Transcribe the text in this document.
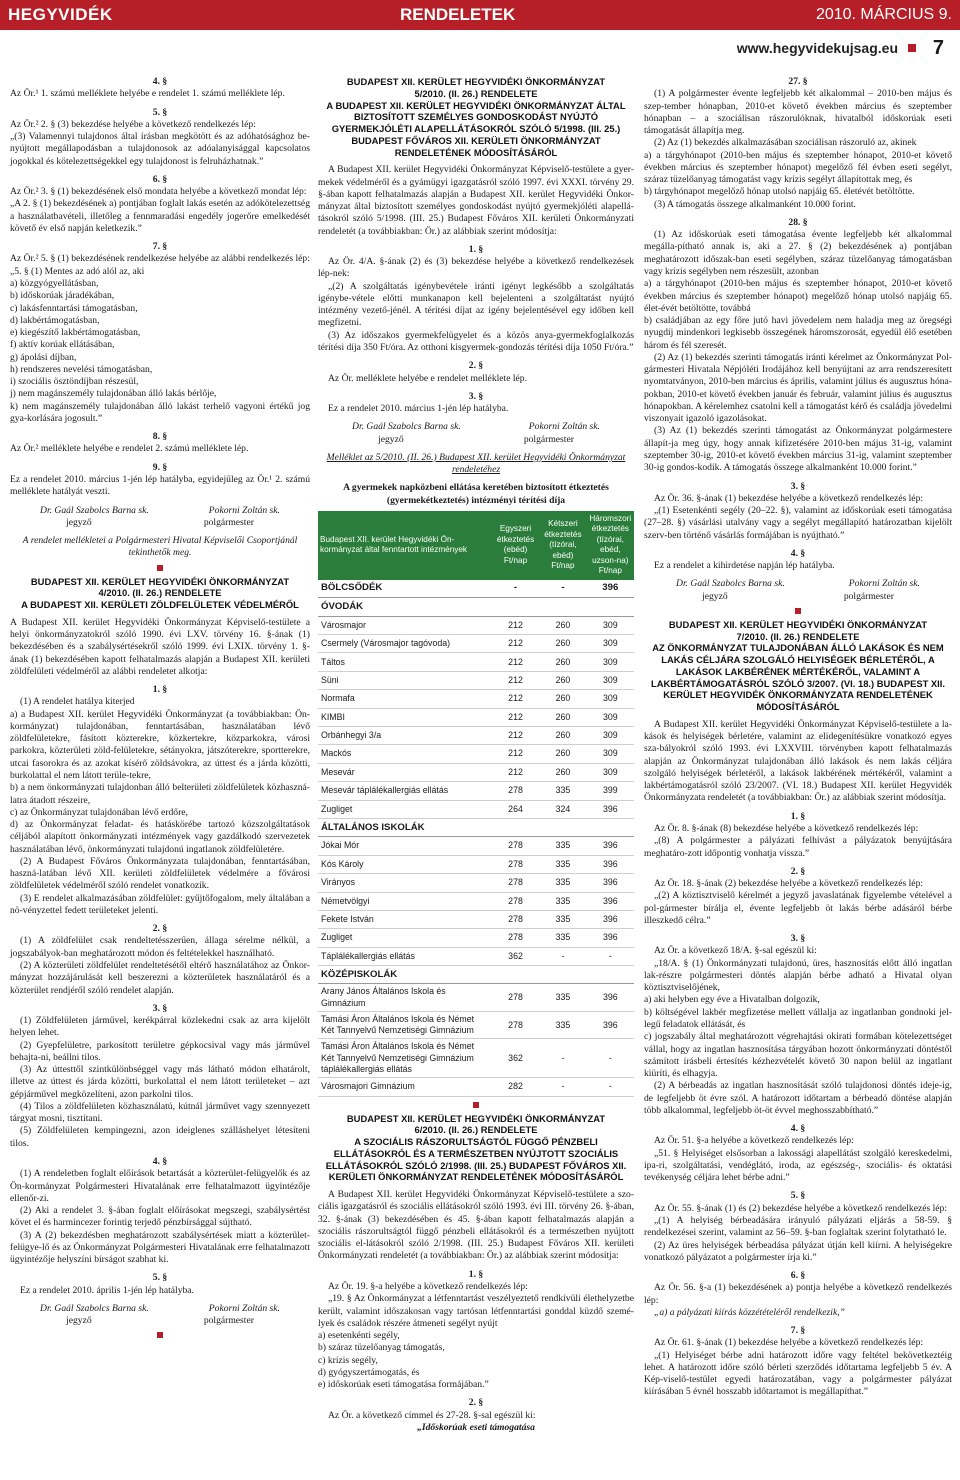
HEGYVIDÉK	RENDELETEK	2010. MÁRCIUS 9.
www.hegyvidekujsag.eu 7

4. §

Az Ör.¹ 1. számú melléklete helyébe e rendelet 1. számú melléklete lép.

5. §

Az Ör.² 2. § (3) bekezdése helyébe a következő rendelkezés lép:

„(3) Valamennyi tulajdonos által írásban megkötött és az adóhatósághoz be-nyújtott megállapodásban a tulajdonosok az adóalanyisággal kapcsolatos jogokkal és kötelezettségekkel egy tulajdonost is felruházhatnak.”

6. §

Az Ör.² 3. § (1) bekezdésének első mondata helyébe a következő mondat lép:

„A 2. § (1) bekezdésének a) pontjában foglalt lakás esetén az adókötelezettség a használatbavételi, illetőleg a fennmaradási engedély jogerőre emelkedését követő év első napján keletkezik.”

7. §

Az Ör.² 5. § (1) bekezdésének rendelkezése helyébe az alábbi rendelkezés lép:

„5. § (1) Mentes az adó alól az, aki

a) közgyógyellátásban,

b) időskorúak járadékában,

c) lakásfenntartási támogatásban,

d) lakbértámogatásban,

e) kiegészítő lakbértámogatásban,

f) aktív korúak ellátásában,

g) ápolási díjban,

h) rendszeres nevelési támogatásban,

i) szociális ösztöndíjban részesül,

j) nem magánszemély tulajdonában álló lakás bérlője,

k) nem magánszemély tulajdonában álló lakást terhelő vagyoni értékű jog gya-korlására jogosult.”

8. §

Az Ör.² melléklete helyébe e rendelet 2. számú melléklete lép.

9. §

Ez a rendelet 2010. március 1-jén lép hatályba, egyidejűleg az Ör.¹ 2. számú melléklete hatályát veszti.

Dr. Gaál Szabolcs Barna sk.	Pokorni Zoltán sk.
jegyző	polgármester

A rendelet mellékletei a Polgármesteri Hivatal Képviselői Csoportjánál tekinthetők meg.

BUDAPEST XII. KERÜLET HEGYVIDÉKI ÖNKORMÁNYZAT

4/2010. (II. 26.) RENDELETE

A BUDAPEST XII. KERÜLETI ZÖLDFELÜLETEK VÉDELMÉRŐL

A Budapest XII. kerület Hegyvidéki Önkormányzat Képviselő-testülete a helyi önkormányzatokról szóló 1990. évi LXV. törvény 16. §-ának (1) bekezdésében és a szabálysértésekről szóló 1999. évi LXIX. törvény 1. §-ának (1) bekezdésében kapott felhatalmazás alapján a Budapest XII. kerületi zöldfelületi védelméről az alábbi rendeletet alkotja:

1. §

(1) A rendelet hatálya kiterjed

a) a Budapest XII. kerület Hegyvidéki Önkormányzat (a továbbiakban: Ön-kormányzat) tulajdonában, fenntartásában, használatában lévő zöldfelületekre, fásított közterekre, közkertekre, közparkokra, városi parkokra, közterületi zöld-felületekre, sétányokra, játszóterekre, sportterekre, utcai fasorokra és az azokat kísérő zöldsávokra, az úttest és a járda közötti, burkolattal el nem látott terüle-tekre,

b) a nem önkormányzati tulajdonban álló belterületi zöldfelületek közhaszná-latra átadott részeire,

c) az Önkormányzat tulajdonában lévő erdőre,

d) az Önkormányzat feladat- és hatáskörébe tartozó közszolgáltatások céljából alapított önkormányzati intézmények vagy gazdálkodó szervezetek használatában lévő, önkormányzati tulajdonú ingatlanok zöldfelületére.

(2) A Budapest Főváros Önkormányzata tulajdonában, fenntartásában, haszná-latában lévő XII. kerületi zöldfelületek védelmére a fővárosi zöldfelületek védelméről szóló rendelet vonatkozik.

(3) E rendelet alkalmazásában zöldfelület: gyűjtőfogalom, mely általában a nö-vényzettel fedett területeket jelenti.

2. §

(1) A zöldfelület csak rendeltetésszerűen, állaga sérelme nélkül, a jogszabályok-ban meghatározott módon és feltételekkel használható.

(2) A közterületi zöldfelület rendeltetésétől eltérő használatához az Önkor-mányzat hozzájárulását kell beszerezni a közterületek használatáról és a közterület rendjéről szóló rendelet alapján.

3. §

(1) Zöldfelületen járművel, kerékpárral közlekedni csak az arra kijelölt helyen lehet.

(2) Gyepfelületre, parkosított területre gépkocsival vagy más járművel behajta-ni, beállni tilos.

(3) Az úttesttől szintkülönbséggel vagy más látható módon elhatárolt, illetve az úttest és járda közötti, burkolattal el nem látott területeket – azt gépjárművel megközelíteni, azon parkolni tilos.

(4) Tilos a zöldfelületen közhasználatú, kútnál járművet vagy szennyezett tárgyat mosni, tisztítani.

(5) Zöldfelületen kempingezni, azon ideiglenes szálláshelyet létesíteni tilos.

4. §

(1) A rendeletben foglalt előírások betartását a közterület-felügyelők és az Ön-kormányzat Polgármesteri Hivatalának erre felhatalmazott ügyintézője ellenőr-zi.

(2) Aki a rendelet 3. §-ában foglalt előírásokat megszegi, szabálysértést követ el és harmincezer forintig terjedő pénzbírsággal sújtható.

(3) A (2) bekezdésben meghatározott szabálysértések miatt a közterület-felügye-lő és az Önkormányzat Polgármesteri Hivatalának erre felhatalmazott ügyintézője helyszíni bírságot szabhat ki.

5. §

Ez a rendelet 2010. április 1-jén lép hatályba.

Dr. Gaál Szabolcs Barna sk.	Pokorni Zoltán sk.
jegyző	polgármester

BUDAPEST XII. KERÜLET HEGYVIDÉKI ÖNKORMÁNYZAT

5/2010. (II. 26.) RENDELETE

A BUDAPEST XII. KERÜLET HEGYVIDÉKI ÖNKORMÁNYZAT ÁLTAL BIZTOSÍTOTT SZEMÉLYES GONDOSKODÁST NYÚJTÓ GYERMEKJÓLÉTI ALAPELLÁTÁSOKRÓL SZÓLÓ 5/1998. (III. 25.) BUDAPEST FŐVÁROS XII. KERÜLETI ÖNKORMÁNYZAT RENDELETÉNEK MÓDOSÍTÁSÁRÓL

A Budapest XII. kerület Hegyvidéki Önkormányzat Képviselő-testülete a gyer-mekek védelméről és a gyámügyi igazgatásról szóló 1997. évi XXXI. törvény 29. §-ában kapott felhatalmazás alapján a Budapest XII. kerület Hegyvidéki Önkor-mányzat által biztosított személyes gondoskodást nyújtó gyermekjóléti alapellá-tásokról szóló 5/1998. (III. 25.) Budapest Főváros XII. kerületi Önkormányzati rendeletét (a továbbiakban: Ör.) az alábbiak szerint módosítja:

1. §

Az Ör. 4/A. §-ának (2) és (3) bekezdése helyébe a következő rendelkezések lép-nek:

„(2) A szolgáltatás igénybevétele iránti igényt legkésőbb a szolgáltatás igénybe-vétele előtti munkanapon kell bejelenteni a szolgáltatást nyújtó intézmény vezető-jénél. A térítési díjat az igény bejelentésével egy időben kell megfizetni.

(3) Az időszakos gyermekfelügyelet és a közös anya-gyermekfoglalkozás térítési díja 350 Ft/óra. Az otthoni kisgyermek-gondozás térítési díja 1050 Ft/óra.”

2. §

Az Ör. melléklete helyébe e rendelet melléklete lép.

3. §

Ez a rendelet 2010. március 1-jén lép hatályba.

Dr. Gaál Szabolcs Barna sk.	Pokorni Zoltán sk.
jegyző	polgármester

Melléklet az 5/2010. (II. 26.) Budapest XII. kerület Hegyvidéki Önkormányzat rendeletéhez

A gyermekek napközbeni ellátása keretében biztosított étkeztetés (gyermekétkeztetés) intézményi térítési díja

Budapest XII. kerület Hegyvidéki Ön-kormányzat által fenntartott intézmények	Egyszeri étkeztetés (ebéd) Ft/nap	Kétszeri étkeztetés (tízórai, ebéd) Ft/nap	Háromszori étkeztetés (tízórai, ebéd, uzson-na) Ft/nap
BÖLCSŐDÉK	-	-	396
ÓVODÁK			
Városmajor	212	260	309
Csermely (Városmajor tagóvoda)	212	260	309
Táltos	212	260	309
Süni	212	260	309
Normafa	212	260	309
KIMBI	212	260	309
Orbánhegyi 3/a	212	260	309
Mackós	212	260	309
Mesevár	212	260	309
Mesevár táplálékallergiás ellátás	278	335	399
Zugliget	264	324	396
ÁLTALÁNOS ISKOLÁK			
Jókai Mór	278	335	396
Kós Károly	278	335	396
Virányos	278	335	396
Németvölgyi	278	335	396
Fekete István	278	335	396
Zugliget	278	335	396
Táplálékallergiás ellátás	362	-	-
KÖZÉPISKOLÁK			
Arany János Általános Iskola és Gimnázium	278	335	396
Tamási Áron Általános Iskola és Német Két Tannyelvű Nemzetiségi Gimnázium	278	335	396
Tamási Áron Általános Iskola és Német Két Tannyelvű Nemzetiségi Gimnázium táplálékallergiás ellátás	362	-	-
Városmajori Gimnázium	282	-	-

BUDAPEST XII. KERÜLET HEGYVIDÉKI ÖNKORMÁNYZAT

6/2010. (II. 26.) RENDELETE

A SZOCIÁLIS RÁSZORULTSÁGTÓL FÜGGŐ PÉNZBELI ELLÁTÁSOKRÓL ÉS A TERMÉSZETBEN NYÚJTOTT SZOCIÁLIS ELLÁTÁSOKRÓL SZÓLÓ 2/1998. (III. 25.) BUDAPEST FŐVÁROS XII. KERÜLETI ÖNKORMÁNYZAT RENDELETÉNEK MÓDOSÍTÁSÁRÓL

A Budapest XII. kerület Hegyvidéki Önkormányzat Képviselő-testülete a szo-ciális igazgatásról és szociális ellátásokról szóló 1993. évi III. törvény 26. §-ában, 32. §-ának (3) bekezdésében és 45. §-ában kapott felhatalmazás alapján a szociális rászorultságtól függő pénzbeli ellátásokról és a természetben nyújtott szociális el-látásokról szóló 2/1998. (III. 25.) Budapest Főváros XII. kerületi Önkormányzati rendeletét (a továbbiakban: Ör.) az alábbiak szerint módosítja:

1. §

Az Ör. 19. §-a helyébe a következő rendelkezés lép:

„19. § Az Önkormányzat a létfenntartást veszélyeztető rendkívüli élethelyzetbe került, valamint időszakosan vagy tartósan létfenntartási gonddal küzdő szemé-lyek és családok részére átmeneti segélyt nyújt

a) esetenkénti segély,

b) száraz tüzelőanyag támogatás,

c) krízis segély,

d) gyógyszertámogatás, és

e) időskorúak eseti támogatása formájában.”

2. §

Az Ör. a következő címmel és 27-28. §-sal egészül ki:

„Időskorúak eseti támogatása

27. §

(1) A polgármester évente legfeljebb két alkalommal – 2010-ben május és szep-tember hónapban, 2010-et követő években március és szeptember hónapban – a szociálisan rászorulóknak, hivatalból időskorúak eseti támogatását állapítja meg.

(2) Az (1) bekezdés alkalmazásában szociálisan rászoruló az, akinek

a) a tárgyhónapot (2010-ben május és szeptember hónapot, 2010-et követő években március és szeptember hónapot) megelőző fél évben eseti segélyt, száraz tüzelőanyag támogatást vagy krízis segélyt állapítottak meg, és

b) tárgyhónapot megelőző hónap utolsó napjáig 65. életévét betöltötte.

(3) A támogatás összege alkalmanként 10.000 forint.

28. §

(1) Az időskorúak eseti támogatása évente legfeljebb két alkalommal megálla-pítható annak is, aki a 27. § (2) bekezdésének a) pontjában meghatározott időszak-ban eseti segélyben, száraz tüzelőanyag támogatásban vagy krízis segélyben nem részesült, azonban

a) a tárgyhónapot (2010-ben május és szeptember hónapot, 2010-et követő években március és szeptember hónapot) megelőző hónap utolsó napjáig 65. élet-évét betöltötte, továbbá

b) családjában az egy főre jutó havi jövedelem nem haladja meg az öregségi nyugdíj mindenkori legkisebb összegének háromszorosát, egyedül élő esetében három és fél szeresét.

(2) Az (1) bekezdés szerinti támogatás iránti kérelmet az Önkormányzat Pol-gármesteri Hivatala Népjóléti Irodájához kell benyújtani az arra rendszeresített nyomtatványon, 2010-ben március és április, valamint július és augusztus hóna-pokban, 2010-et követő években január és február, valamint július és augusztus hónapokban. A kérelemhez csatolni kell a támogatást kérő és családja jövedelmi viszonyait igazoló igazolásokat.

(3) Az (1) bekezdés szerinti támogatást az Önkormányzat polgármestere állapít-ja meg úgy, hogy annak kifizetésére 2010-ben május 31-ig, valamint szeptember 30-ig, 2010-et követő években március 31-ig, valamint szeptember 30-ig gondos-kodik. A támogatás összege alkalmanként 10.000 forint.”

3. §

Az Ör. 36. §-ának (1) bekezdése helyébe a következő rendelkezés lép:

„(1) Esetenkénti segély (20–22. §), valamint az időskorúak eseti támogatása (27–28. §) vásárlási utalvány vagy a segélyt megállapító határozatban kijelölt szerv-ben történő vásárlás formájában is nyújtható.”

4. §

Ez a rendelet a kihirdetése napján lép hatályba.

Dr. Gaál Szabolcs Barna sk.	Pokorni Zoltán sk.
jegyző	polgármester

BUDAPEST XII. KERÜLET HEGYVIDÉKI ÖNKORMÁNYZAT

7/2010. (II. 26.) RENDELETE

AZ ÖNKORMÁNYZAT TULAJDONÁBAN ÁLLÓ LAKÁSOK ÉS NEM LAKÁS CÉLJÁRA SZOLGÁLÓ HELYISÉGEK BÉRLETÉRŐL, A LAKÁSOK LAKBÉRÉNEK MÉRTÉKÉRŐL, VALAMINT A LAKBÉRTÁMOGATÁSRÓL SZÓLÓ 3/2007. (VI. 18.) BUDAPEST XII. KERÜLET HEGYVIDÉK ÖNKORMÁNYZATA RENDELETÉNEK MÓDOSÍTÁSÁRÓL

A Budapest XII. kerület Hegyvidéki Önkormányzat Képviselő-testülete a la-kások és helyiségek bérletére, valamint az elidegenítésükre vonatkozó egyes sza-bályokról szóló 1993. évi LXXVIII. törvényben kapott felhatalmazás alapján az Önkormányzat tulajdonában álló lakások és nem lakás céljára szolgáló helyiségek bérletéről, a lakások lakbérének mértékéről, valamint a lakbértámogatásról szóló 23/2007. (VI. 18.) Budapest XII. kerület Hegyvidék Önkormányzata rendeletét (a továbbiakban: Ör.) az alábbiak szerint módosítja.

1. §

Az Ör. 8. §-ának (8) bekezdése helyébe a következő rendelkezés lép:

„(8) A polgármester a pályázati felhívást a pályázatok benyújtására meghatáro-zott időpontig vonhatja vissza.”

2. §

Az Ör. 18. §-ának (2) bekezdése helyébe a következő rendelkezés lép:

„(2) A köztisztviselő kérelmét a jegyző javaslatának figyelembe vételével a pol-gármester bírálja el, évente legfeljebb öt lakás bérbe adásáról bérbe illeszkedő célra.”

3. §

Az Ör. a következő 18/A. §-sal egészül ki:

„18/A. § (1) Önkormányzati tulajdonú, üres, hasznosítás előtt álló ingatlan lak-részre polgármesteri döntés alapján bérbe adható a Hivatal olyan köztisztviselőjének,

a) aki helyben egy éve a Hivatalban dolgozik,

b) költségével lakbér megfizetése mellett vállalja az ingatlanban gondnoki jel-legű feladatok ellátását, és

c) jogszabály által meghatározott végrehajtási okirati formában kötelezettséget vállal, hogy az ingatlan hasznosítása tárgyában hozott önkormányzati döntéstől számított írásbeli értesítés kézhezvételét követő 30 napon belül az ingatlant kiüríti, és elhagyja.

(2) A bérbeadás az ingatlan hasznosítását szóló tulajdonosi döntés ideje-ig, de legfeljebb öt évre szól. A határozott időtartam a bérbeadó döntése alapján több alkalommal, legfeljebb öt-öt évvel meghosszabbítható.”

4. §

Az Ör. 51. §-a helyébe a következő rendelkezés lép:

„51. § Helyiséget elsősorban a lakossági alapellátást szolgáló kereskedelmi, ipa-ri, szolgáltatási, vendéglátó, iroda, az egészség-, szociális- és oktatási tevékenység céljára lehet bérbe adni.”

5. §

Az Ör. 55. §-ának (1) és (2) bekezdése helyébe a következő rendelkezés lép:

„(1) A helyiség bérbeadására irányuló pályázati eljárás a 58-59. § rendelkezései szerint, valamint az 56–59. §-ban foglaltak szerint folytatható le.

(2) Az üres helyiségek bérbeadása pályázat útján kell kiírni. A helyiségekre vonatkozó pályázatot a polgármester írja ki.”

6. §

Az Ör. 56. §-a (1) bekezdésének a) pontja helyébe a következő rendelkezés lép:

„a) a pályázati kiírás közzétételéről rendelkezik,”

7. §

Az Ör. 61. §-ának (1) bekezdése helyébe a következő rendelkezés lép:

„(1) Helyiséget bérbe adni határozott időre vagy feltétel bekövetkeztéig lehet. A határozott időre szóló bérleti szerződés időtartama legfeljebb 5 év. A Kép-viselő-testület egyedi határozatában, vagy a polgármester pályázat kiírásában 5 évnél hosszabb időtartamot is megállapíthat.”
